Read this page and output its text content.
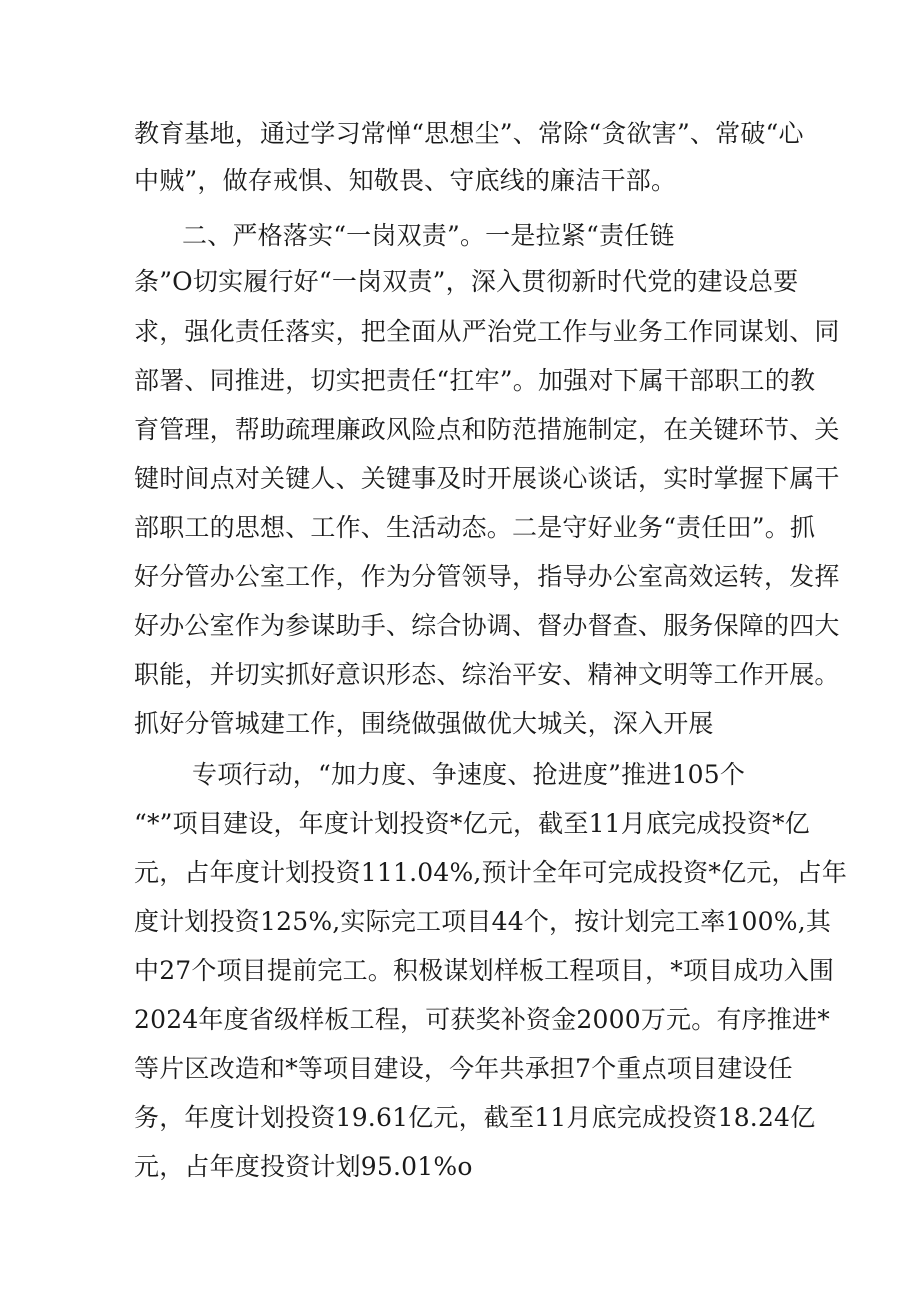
教育基地，通过学习常惮“思想尘”、常除“贪欲害”、常破“心
中贼”，做存戒惧、知敬畏、守底线的廉洁干部。
二、严格落实“一岗双责”。一是拉紧“责任链
条”O切实履行好“一岗双责”，深入贯彻新时代党的建设总要
求，强化责任落实，把全面从严治党工作与业务工作同谋划、同
部署、同推进，切实把责任“扛牢”。加强对下属干部职工的教
育管理，帮助疏理廉政风险点和防范措施制定，在关键环节、关
键时间点对关键人、关键事及时开展谈心谈话，实时掌握下属干
部职工的思想、工作、生活动态。二是守好业务“责任田”。抓
好分管办公室工作，作为分管领导，指导办公室高效运转，发挥
好办公室作为参谋助手、综合协调、督办督查、服务保障的四大
职能，并切实抓好意识形态、综治平安、精神文明等工作开展。
抓好分管城建工作，围绕做强做优大城关，深入开展
专项行动，“加力度、争速度、抢进度”推进105个
“*”项目建设，年度计划投资*亿元，截至11月底完成投资*亿
元，占年度计划投资111.04%,预计全年可完成投资*亿元，占年
度计划投资125%,实际完工项目44个，按计划完工率100%,其
中27个项目提前完工。积极谋划样板工程项目，*项目成功入围
2024年度省级样板工程，可获奖补资金2000万元。有序推进*
等片区改造和*等项目建设，今年共承担7个重点项目建设任
务，年度计划投资19.61亿元，截至11月底完成投资18.24亿
元，占年度投资计划95.01%o
